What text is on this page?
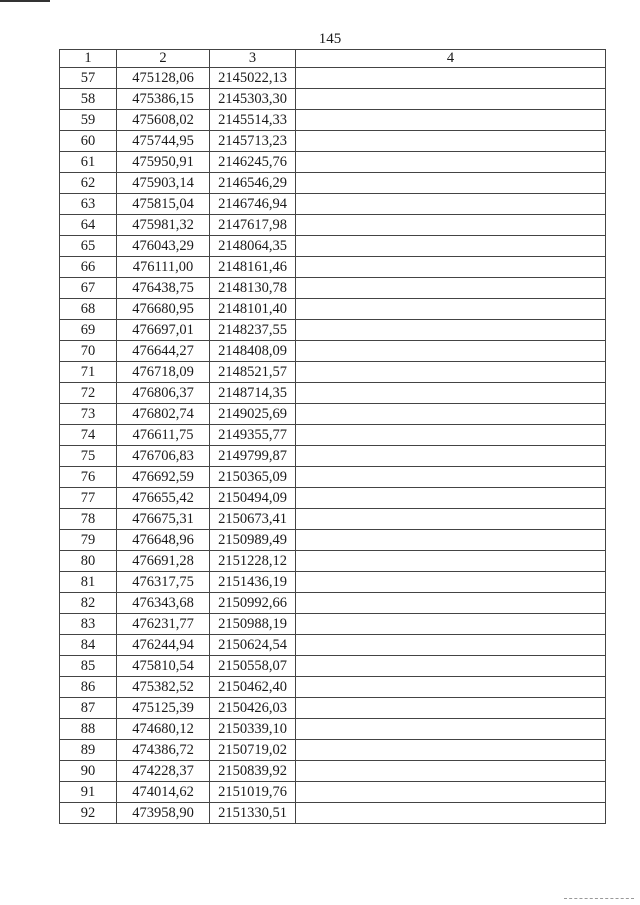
145
1	2	3	4
57	475128,06	2145022,13	
58	475386,15	2145303,30	
59	475608,02	2145514,33	
60	475744,95	2145713,23	
61	475950,91	2146245,76	
62	475903,14	2146546,29	
63	475815,04	2146746,94	
64	475981,32	2147617,98	
65	476043,29	2148064,35	
66	476111,00	2148161,46	
67	476438,75	2148130,78	
68	476680,95	2148101,40	
69	476697,01	2148237,55	
70	476644,27	2148408,09	
71	476718,09	2148521,57	
72	476806,37	2148714,35	
73	476802,74	2149025,69	
74	476611,75	2149355,77	
75	476706,83	2149799,87	
76	476692,59	2150365,09	
77	476655,42	2150494,09	
78	476675,31	2150673,41	
79	476648,96	2150989,49	
80	476691,28	2151228,12	
81	476317,75	2151436,19	
82	476343,68	2150992,66	
83	476231,77	2150988,19	
84	476244,94	2150624,54	
85	475810,54	2150558,07	
86	475382,52	2150462,40	
87	475125,39	2150426,03	
88	474680,12	2150339,10	
89	474386,72	2150719,02	
90	474228,37	2150839,92	
91	474014,62	2151019,76	
92	473958,90	2151330,51	
